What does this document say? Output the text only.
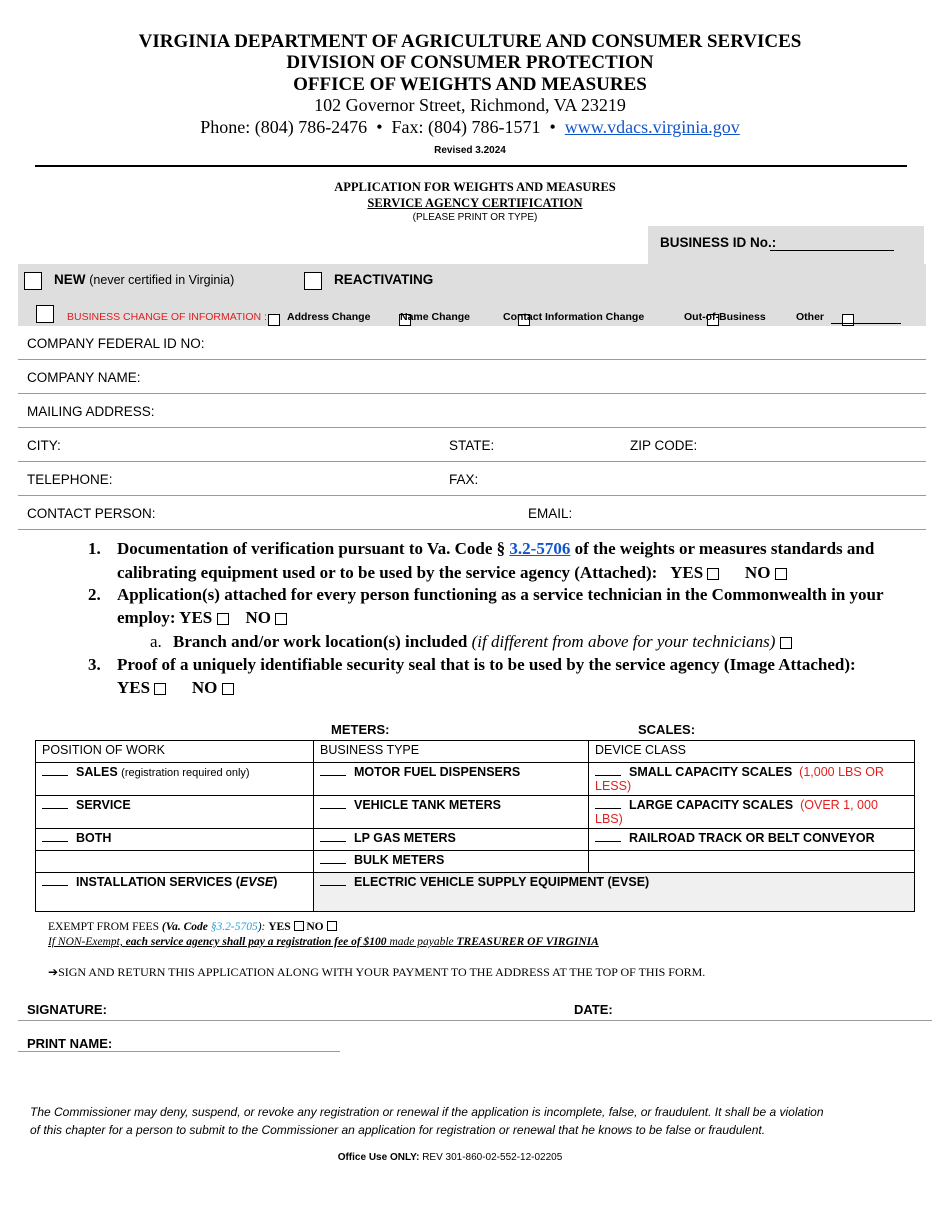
VIRGINIA DEPARTMENT OF AGRICULTURE AND CONSUMER SERVICES
DIVISION OF CONSUMER PROTECTION
OFFICE OF WEIGHTS AND MEASURES
102 Governor Street, Richmond, VA 23219
Phone: (804) 786-2476  •  Fax: (804) 786-1571  •  www.vdacs.virginia.gov
Revised 3.2024
APPLICATION FOR WEIGHTS AND MEASURES
SERVICE AGENCY CERTIFICATION
(PLEASE PRINT OR TYPE)
BUSINESS ID No.:
NEW (never certified in Virginia)	REACTIVATING
BUSINESS CHANGE OF INFORMATION :
Address Change
	Name Change
	Contact Information Change
	Out-of-Business	Other
COMPANY FEDERAL ID NO:
COMPANY NAME:
MAILING ADDRESS:
CITY:	STATE:	ZIP CODE:
TELEPHONE:	FAX:
CONTACT PERSON:	EMAIL:
1. Documentation of verification pursuant to Va. Code § 3.2-5706 of the weights or measures standards and
calibrating equipment used or to be used by the service agency (Attached): YES NO
2. Application(s) attached for every person functioning as a service technician in the Commonwealth in your
employ: YES NO
a. Branch and/or work location(s) included (if different from above for your technicians)
3. Proof of a uniquely identifiable security seal that is to be used by the service agency (Image Attached):
YES NO
METERS:	SCALES:
POSITION OF WORK	BUSINESS TYPE	DEVICE CLASS
SALES (registration required only)	MOTOR FUEL DISPENSERS	SMALL CAPACITY SCALES (1,000 LBS OR LESS)
SERVICE	VEHICLE TANK METERS	LARGE CAPACITY SCALES (OVER 1, 000 LBS)
BOTH	LP GAS METERS	RAILROAD TRACK OR BELT CONVEYOR
	BULK METERS	
INSTALLATION SERVICES (EVSE)	ELECTRIC VEHICLE SUPPLY EQUIPMENT (EVSE)	
EXEMPT FROM FEES (Va. Code §3.2-5705): YES NO
If NON-Exempt, each service agency shall pay a registration fee of $100 made payable TREASURER OF VIRGINIA
➔SIGN AND RETURN THIS APPLICATION ALONG WITH YOUR PAYMENT TO THE ADDRESS AT THE TOP OF THIS FORM.
SIGNATURE:	DATE:
PRINT NAME:
The Commissioner may deny, suspend, or revoke any registration or renewal if the application is incomplete, false, or fraudulent. It shall be a violation
of this chapter for a person to submit to the Commissioner an application for registration or renewal that he knows to be false or fraudulent.
Office Use ONLY: REV 301-860-02-552-12-02205
